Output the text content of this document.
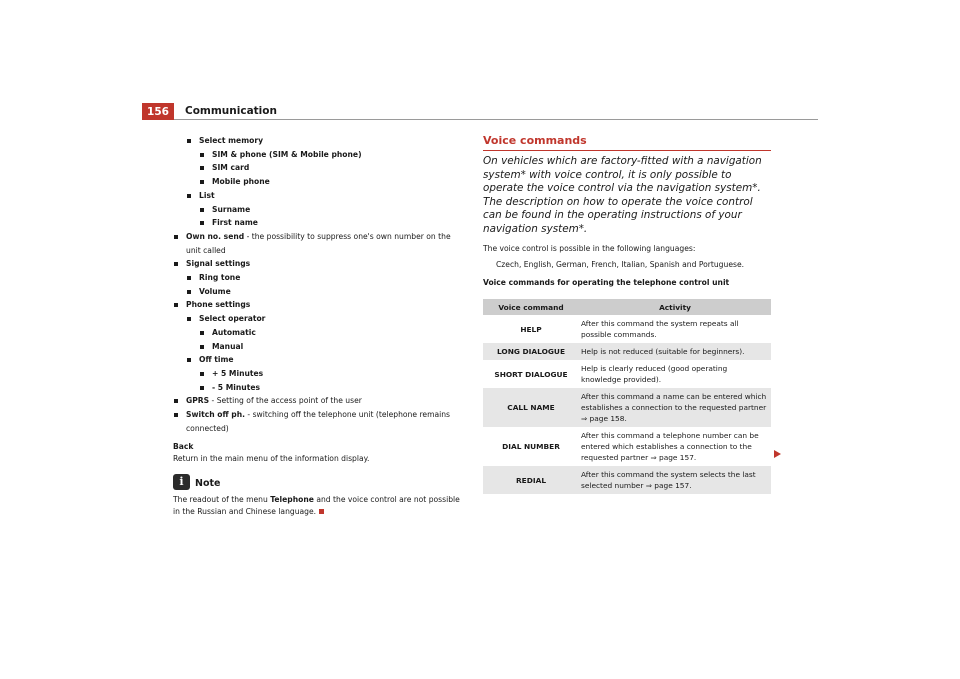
156	Communication
Select memory
SIM & phone (SIM & Mobile phone)
SIM card
Mobile phone
List
Surname
First name
Own no. send - the possibility to suppress one's own number on the unit called
Signal settings
Ring tone
Volume
Phone settings
Select operator
Automatic
Manual
Off time
+ 5 Minutes
- 5 Minutes
GPRS - Setting of the access point of the user
Switch off ph. - switching off the telephone unit (telephone remains connected)
Back
Return in the main menu of the information display.
i	Note
The readout of the menu Telephone and the voice control are not possible in the Russian and Chinese language.
Voice commands
On vehicles which are factory-fitted with a navigation system* with voice control, it is only possible to operate the voice control via the navigation system*. The description on how to operate the voice control can be found in the operating instructions of your navigation system*.
The voice control is possible in the following languages:
Czech, English, German, French, Italian, Spanish and Portuguese.
Voice commands for operating the telephone control unit
Voice command	Activity
HELP	After this command the system repeats all possible commands.
LONG DIALOGUE	Help is not reduced (suitable for beginners).
SHORT DIALOGUE	Help is clearly reduced (good operating knowledge provided).
CALL NAME	After this command a name can be entered which establishes a connection to the requested partner ⇒ page 158.
DIAL NUMBER	After this command a telephone number can be entered which establishes a connection to the requested partner ⇒ page 157.
REDIAL	After this command the system selects the last selected number ⇒ page 157.
